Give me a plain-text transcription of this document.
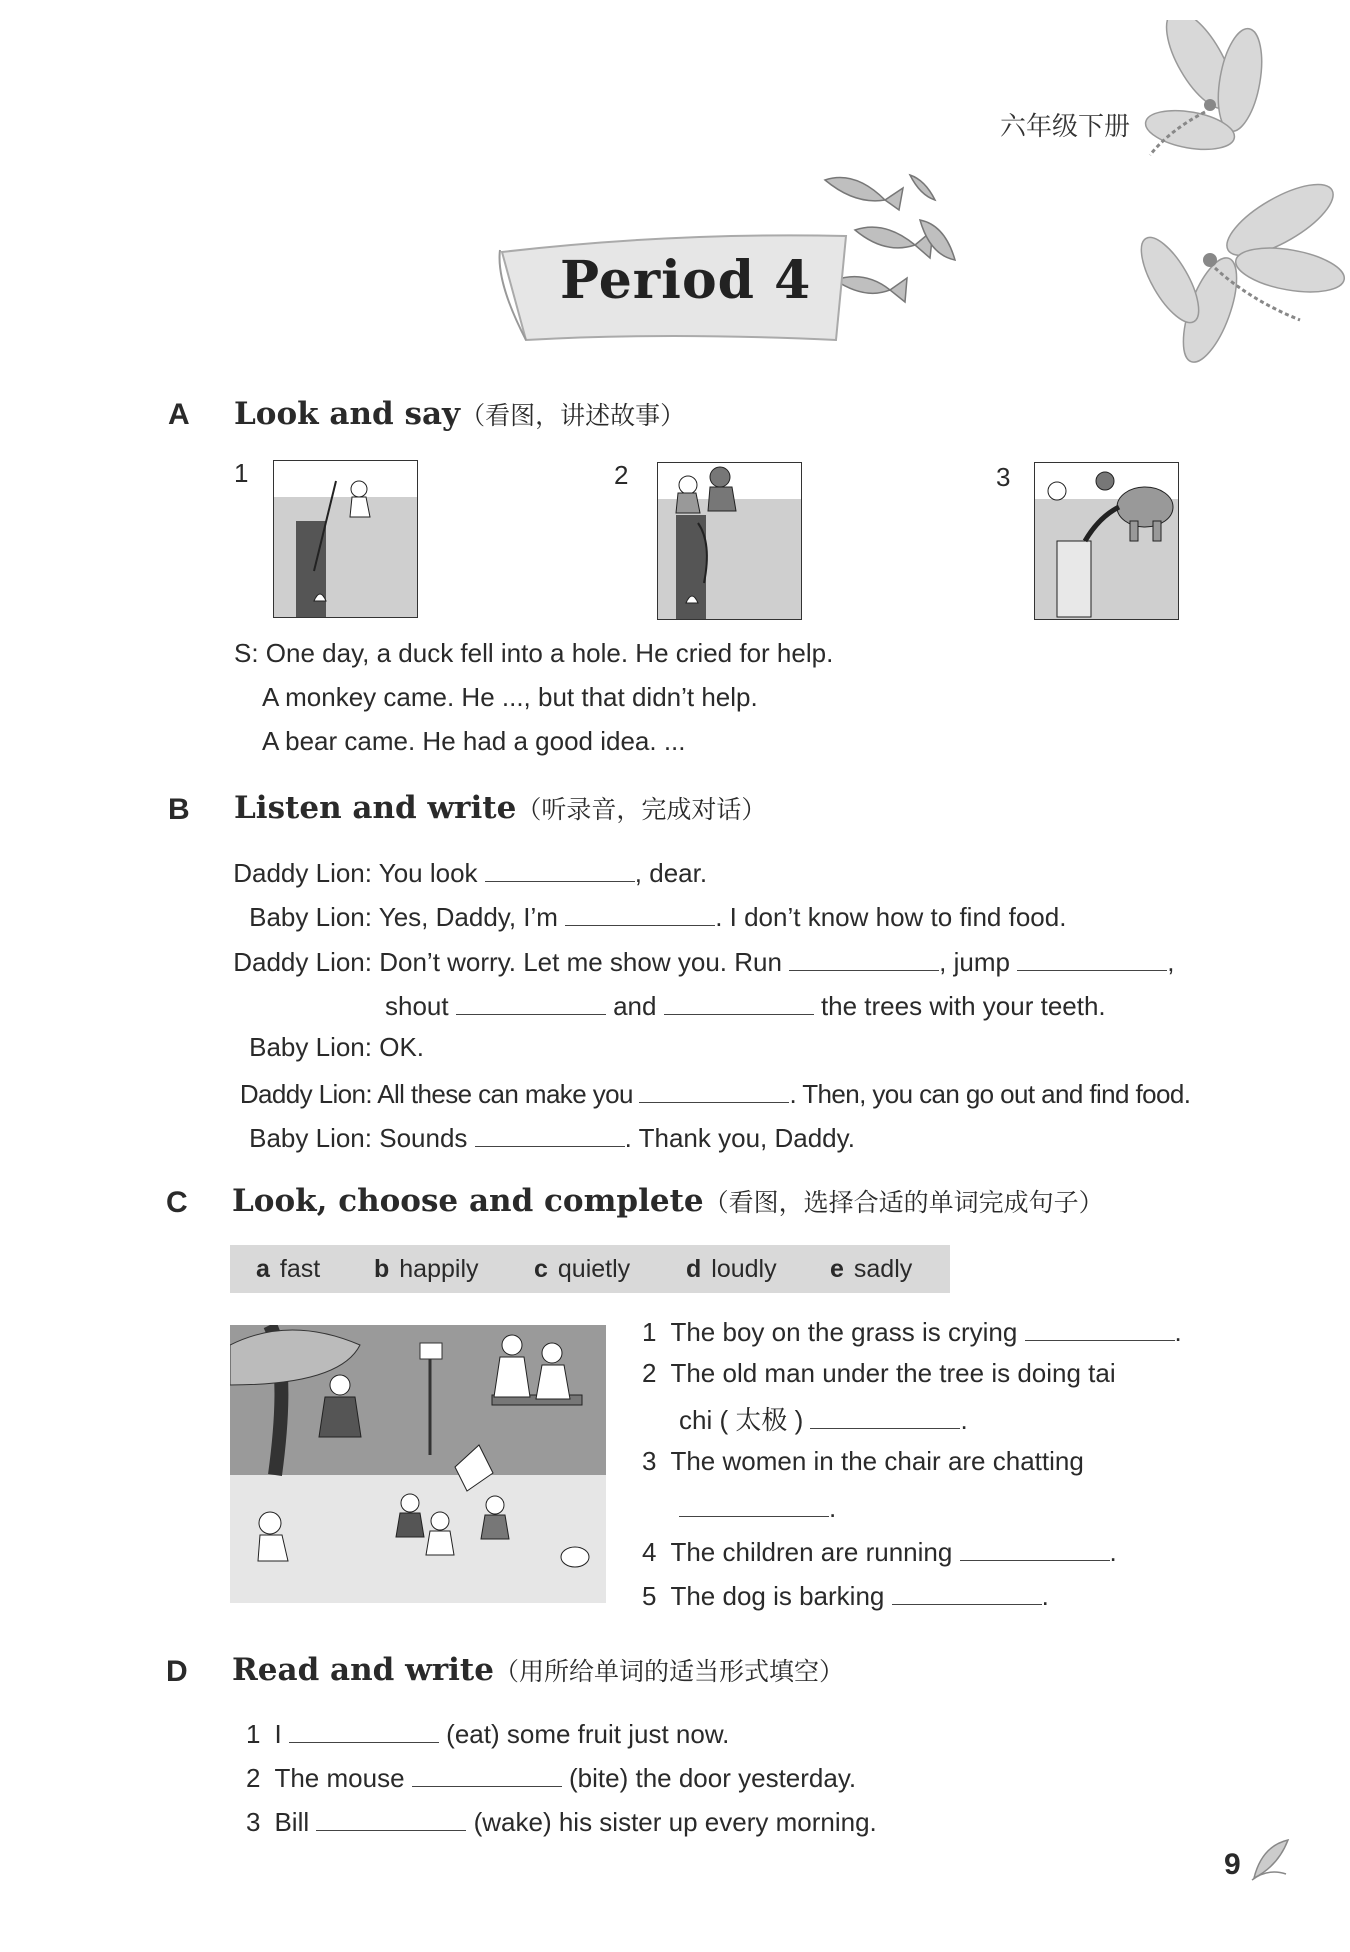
六年级下册
Period 4
A Look and say（看图，讲述故事）
1	2	3
S: One day, a duck fell into a hole. He cried for help.
A monkey came. He ..., but that didn’t help.
A bear came. He had a good idea. ...
B Listen and write（听录音，完成对话）
Daddy Lion: You look	, dear.
Baby Lion: Yes, Daddy, I’m	. I don’t know how to find food.
Daddy Lion: Don’t worry. Let me show you. Run	, jump	,
shout	and	the trees with your teeth.
Baby Lion: OK.
Daddy Lion: All these can make you	. Then, you can go out and find food.
Baby Lion: Sounds	. Thank you, Daddy.
C Look, choose and complete（看图，选择合适的单词完成句子）
a fast b happily c quietly d loudly e sadly
1 The boy on the grass is crying	.
2 The old man under the tree is doing tai
chi ( 太极 )	.
3 The women in the chair are chatting
.
4 The children are running	.
5 The dog is barking	.
D Read and write（用所给单词的适当形式填空）
1 I	(eat) some fruit just now.
2 The mouse	(bite) the door yesterday.
3 Bill	(wake) his sister up every morning.
9
